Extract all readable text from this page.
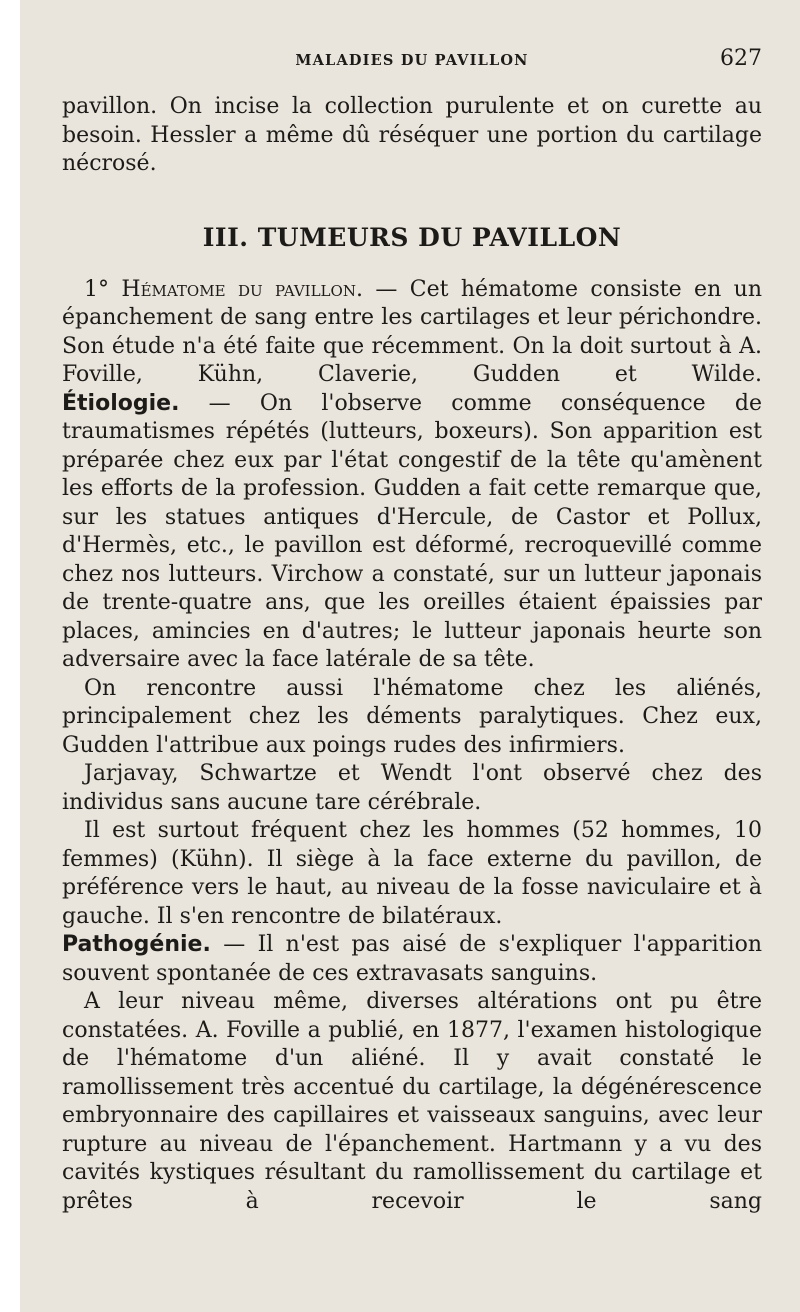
MALADIES DU PAVILLON	627

pavillon. On incise la collection purulente et on curette au besoin. Hessler a même dû réséquer une portion du cartilage nécrosé.

III. TUMEURS DU PAVILLON

1° Hématome du pavillon. — Cet hématome consiste en un épanchement de sang entre les cartilages et leur périchondre. Son étude n'a été faite que récemment. On la doit surtout à A. Foville, Kühn, Claverie, Gudden et Wilde.

Étiologie. — On l'observe comme conséquence de traumatismes répétés (lutteurs, boxeurs). Son apparition est préparée chez eux par l'état congestif de la tête qu'amènent les efforts de la profession. Gudden a fait cette remarque que, sur les statues antiques d'Hercule, de Castor et Pollux, d'Hermès, etc., le pavillon est déformé, recroquevillé comme chez nos lutteurs. Virchow a constaté, sur un lutteur japonais de trente-quatre ans, que les oreilles étaient épaissies par places, amincies en d'autres; le lutteur japonais heurte son adversaire avec la face latérale de sa tête.

On rencontre aussi l'hématome chez les aliénés, principalement chez les déments paralytiques. Chez eux, Gudden l'attribue aux poings rudes des infirmiers.

Jarjavay, Schwartze et Wendt l'ont observé chez des individus sans aucune tare cérébrale.

Il est surtout fréquent chez les hommes (52 hommes, 10 femmes) (Kühn). Il siège à la face externe du pavillon, de préférence vers le haut, au niveau de la fosse naviculaire et à gauche. Il s'en rencontre de bilatéraux.

Pathogénie. — Il n'est pas aisé de s'expliquer l'apparition souvent spontanée de ces extravasats sanguins.

A leur niveau même, diverses altérations ont pu être constatées. A. Foville a publié, en 1877, l'examen histologique de l'hématome d'un aliéné. Il y avait constaté le ramollissement très accentué du cartilage, la dégénérescence embryonnaire des capillaires et vaisseaux sanguins, avec leur rupture au niveau de l'épanchement. Hartmann y a vu des cavités kystiques résultant du ramollissement du cartilage et prêtes à recevoir le sang
